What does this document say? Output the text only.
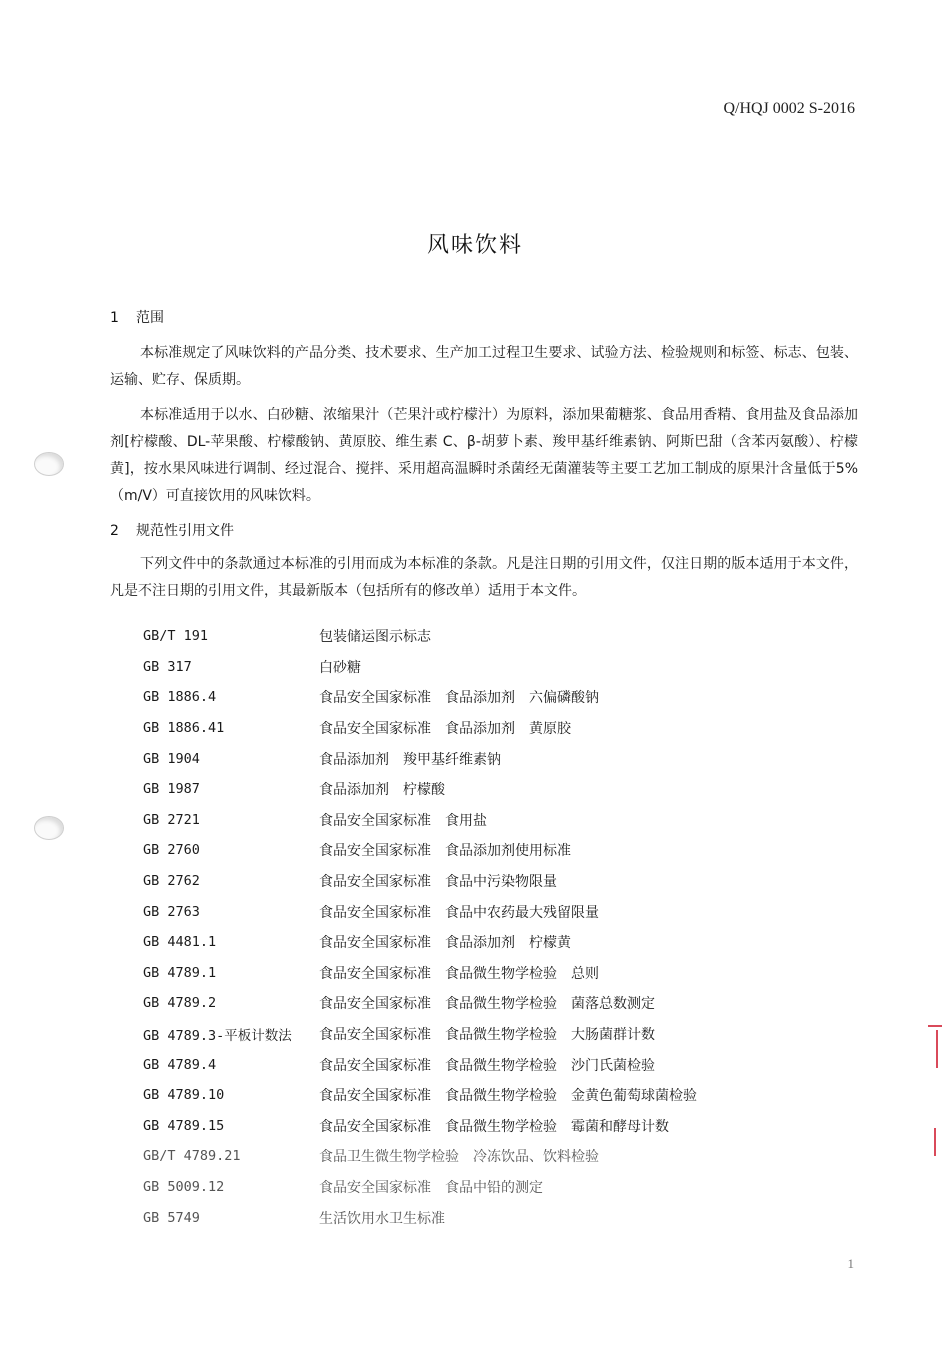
Q/HQJ 0002 S-2016
风味饮料
1 范围

本标准规定了风味饮料的产品分类、技术要求、生产加工过程卫生要求、试验方法、检验规则和标签、标志、包装、运输、贮存、保质期。

本标准适用于以水、白砂糖、浓缩果汁（芒果汁或柠檬汁）为原料，添加果葡糖浆、食品用香精、食用盐及食品添加剂[柠檬酸、DL-苹果酸、柠檬酸钠、黄原胶、维生素 C、β-胡萝卜素、羧甲基纤维素钠、阿斯巴甜（含苯丙氨酸）、柠檬黄]，按水果风味进行调制、经过混合、搅拌、采用超高温瞬时杀菌经无菌灌装等主要工艺加工制成的原果汁含量低于5%（m/V）可直接饮用的风味饮料。

2 规范性引用文件

下列文件中的条款通过本标准的引用而成为本标准的条款。凡是注日期的引用文件，仅注日期的版本适用于本文件，凡是不注日期的引用文件，其最新版本（包括所有的修改单）适用于本文件。

GB/T 191	包装储运图示标志
GB 317	白砂糖
GB 1886.4	食品安全国家标准　食品添加剂　六偏磷酸钠
GB 1886.41	食品安全国家标准　食品添加剂　黄原胶
GB 1904	食品添加剂　羧甲基纤维素钠
GB 1987	食品添加剂　柠檬酸
GB 2721	食品安全国家标准　食用盐
GB 2760	食品安全国家标准　食品添加剂使用标准
GB 2762	食品安全国家标准　食品中污染物限量
GB 2763	食品安全国家标准　食品中农药最大残留限量
GB 4481.1	食品安全国家标准　食品添加剂　柠檬黄
GB 4789.1	食品安全国家标准　食品微生物学检验　总则
GB 4789.2	食品安全国家标准　食品微生物学检验　菌落总数测定
GB 4789.3-平板计数法	食品安全国家标准　食品微生物学检验　大肠菌群计数
GB 4789.4	食品安全国家标准　食品微生物学检验　沙门氏菌检验
GB 4789.10	食品安全国家标准　食品微生物学检验　金黄色葡萄球菌检验
GB 4789.15	食品安全国家标准　食品微生物学检验　霉菌和酵母计数
GB/T 4789.21	食品卫生微生物学检验　冷冻饮品、饮料检验
GB 5009.12	食品安全国家标准　食品中铅的测定
GB 5749	生活饮用水卫生标准
1
